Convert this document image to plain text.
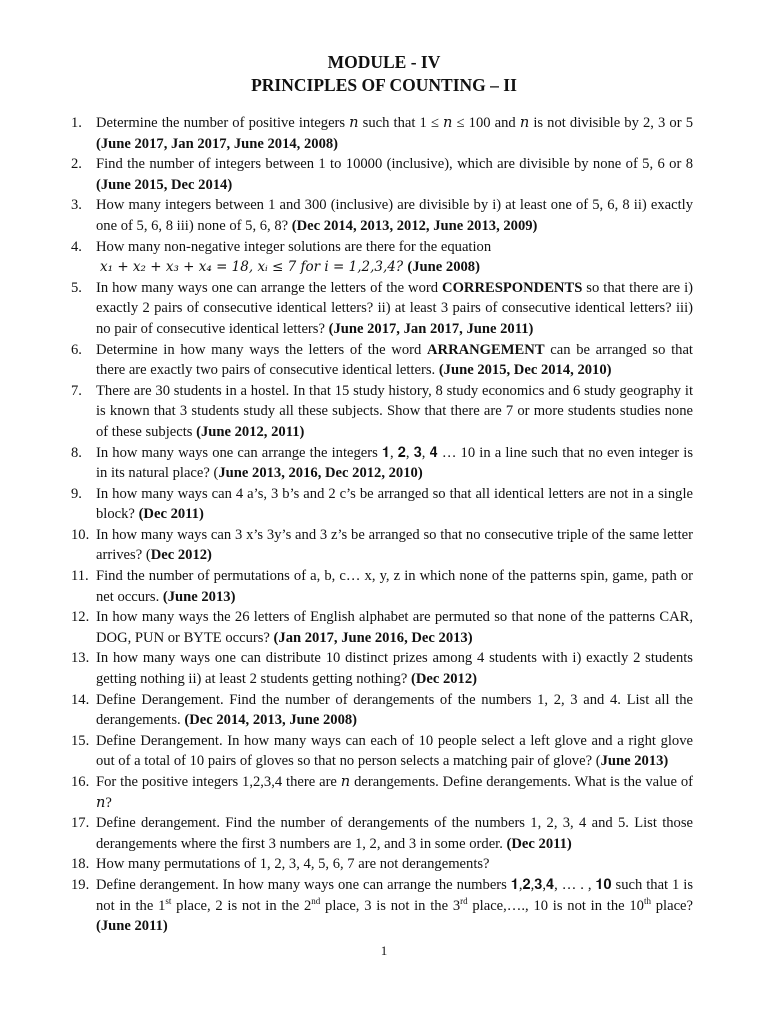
MODULE - IV
PRINCIPLES OF COUNTING – II
1. Determine the number of positive integers 𝑛 such that 1 ≤ 𝑛 ≤ 100 and 𝑛 is not divisible by 2, 3 or 5 (June 2017, Jan 2017, June 2014, 2008)
2. Find the number of integers between 1 to 10000 (inclusive), which are divisible by none of 5, 6 or 8 (June 2015, Dec 2014)
3. How many integers between 1 and 300 (inclusive) are divisible by i) at least one of 5, 6, 8 ii) exactly one of 5, 6, 8 iii) none of 5, 6, 8? (Dec 2014, 2013, 2012, June 2013, 2009)
4. How many non-negative integer solutions are there for the equation
𝑥₁ + 𝑥₂ + 𝑥₃ + 𝑥₄ = 18, 𝑥ᵢ ≤ 7 𝑓𝑜𝑟 𝑖 = 1,2,3,4? (June 2008)
5. In how many ways one can arrange the letters of the word CORRESPONDENTS so that there are i) exactly 2 pairs of consecutive identical letters? ii) at least 3 pairs of consecutive identical letters? iii) no pair of consecutive identical letters? (June 2017, Jan 2017, June 2011)
6. Determine in how many ways the letters of the word ARRANGEMENT can be arranged so that there are exactly two pairs of consecutive identical letters. (June 2015, Dec 2014, 2010)
7. There are 30 students in a hostel. In that 15 study history, 8 study economics and 6 study geography it is known that 3 students study all these subjects. Show that there are 7 or more students studies none of these subjects (June 2012, 2011)
8. In how many ways one can arrange the integers 𝟏, 𝟐, 𝟑, 𝟒 … 10 in a line such that no even integer is in its natural place? (June 2013, 2016, Dec 2012, 2010)
9. In how many ways can 4 a’s, 3 b’s and 2 c’s be arranged so that all identical letters are not in a single block? (Dec 2011)
10. In how many ways can 3 x’s 3y’s and 3 z’s be arranged so that no consecutive triple of the same letter arrives? (Dec 2012)
11. Find the number of permutations of a, b, c… x, y, z in which none of the patterns spin, game, path or net occurs. (June 2013)
12. In how many ways the 26 letters of English alphabet are permuted so that none of the patterns CAR, DOG, PUN or BYTE occurs? (Jan 2017, June 2016, Dec 2013)
13. In how many ways one can distribute 10 distinct prizes among 4 students with i) exactly 2 students getting nothing ii) at least 2 students getting nothing? (Dec 2012)
14. Define Derangement. Find the number of derangements of the numbers 1, 2, 3 and 4. List all the derangements. (Dec 2014, 2013, June 2008)
15. Define Derangement. In how many ways can each of 10 people select a left glove and a right glove out of a total of 10 pairs of gloves so that no person selects a matching pair of glove? (June 2013)
16. For the positive integers 1,2,3,4 there are 𝑛 derangements. Define derangements. What is the value of 𝑛?
17. Define derangement. Find the number of derangements of the numbers 1, 2, 3, 4 and 5. List those derangements where the first 3 numbers are 1, 2, and 3 in some order. (Dec 2011)
18. How many permutations of 1, 2, 3, 4, 5, 6, 7 are not derangements?
19. Define derangement. In how many ways one can arrange the numbers 𝟏,𝟐,𝟑,𝟒, … . , 𝟏𝟎 such that 1 is not in the 1st place, 2 is not in the 2nd place, 3 is not in the 3rd place,…., 10 is not in the 10th place? (June 2011)
1
